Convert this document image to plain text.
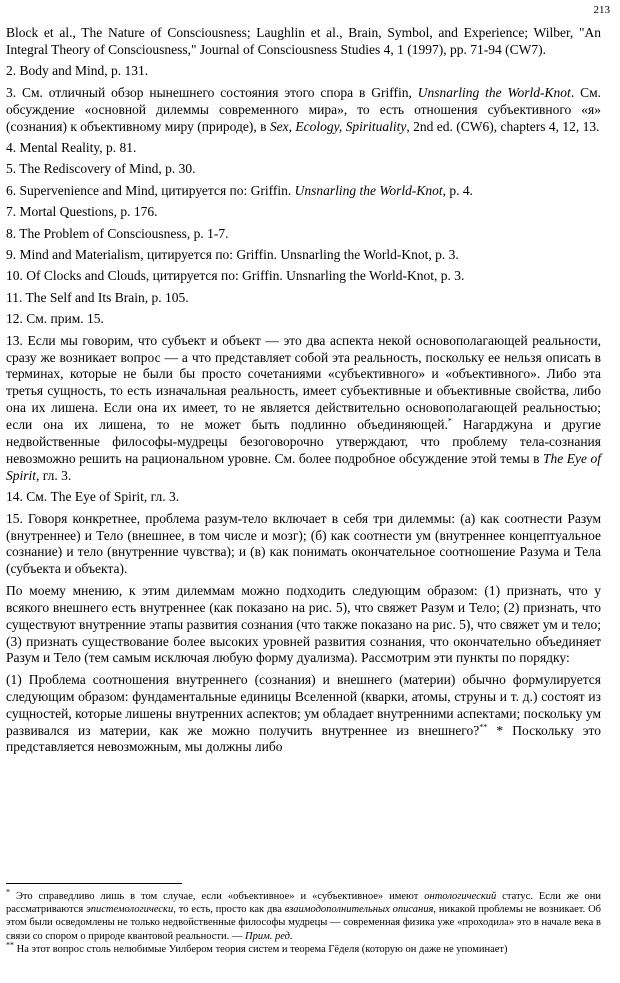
213

Block et al., The Nature of Consciousness; Laughlin et al., Brain, Symbol, and Experience; Wilber, "An Integral Theory of Consciousness," Journal of Consciousness Studies 4, 1 (1997), pp. 71-94 (CW7).

2. Body and Mind, p. 131.

3. См. отличный обзор нынешнего состояния этого спора в Griffin, Unsnarling the World-Knot. См. обсуждение «основной дилеммы современного мира», то есть отношения субъективного «я» (сознания) к объективному миру (природе), в Sex, Ecology, Spirituality, 2nd ed. (CW6), chapters 4, 12, 13.

4. Mental Reality, p. 81.

5. The Rediscovery of Mind, p. 30.

6. Supervenience and Mind, цитируется по: Griffin. Unsnarling the World-Knot, p. 4.

7. Mortal Questions, p. 176.

8. The Problem of Consciousness, p. 1-7.

9. Mind and Materialism, цитируется по: Griffin. Unsnarling the World-Knot, p. 3.

10. Of Clocks and Clouds, цитируется по: Griffin. Unsnarling the World-Knot, p. 3.

11. The Self and Its Brain, p. 105.

12. См. прим. 15.

13. Если мы говорим, что субъект и объект — это два аспекта некой основополагающей реальности, сразу же возникает вопрос — а что представляет собой эта реальность, поскольку ее нельзя описать в терминах, которые не были бы просто сочетаниями «субъективного» и «объективного». Либо эта третья сущность, то есть изначальная реальность, имеет субъективные и объективные свойства, либо она их лишена. Если она их имеет, то не является действительно основополагающей реальностью; если она их лишена, то не может быть подлинно объединяющей.* Нагарджуна и другие недвойственные философы-мудрецы безоговорочно утверждают, что проблему тела-сознания невозможно решить на рациональном уровне. См. более подробное обсуждение этой темы в The Eye of Spirit, гл. 3.

14. См. The Eye of Spirit, гл. 3.

15. Говоря конкретнее, проблема разум-тело включает в себя три дилеммы: (а) как соотнести Разум (внутреннее) и Тело (внешнее, в том числе и мозг); (б) как соотнести ум (внутреннее концептуальное сознание) и тело (внутренние чувства); и (в) как понимать окончательное соотношение Разума и Тела (субъекта и объекта).

По моему мнению, к этим дилеммам можно подходить следующим образом: (1) признать, что у всякого внешнего есть внутреннее (как показано на рис. 5), что свяжет Разум и Тело; (2) признать, что существуют внутренние этапы развития сознания (что также показано на рис. 5), что свяжет ум и тело; (3) признать существование более высоких уровней развития сознания, что окончательно объединяет Разум и Тело (тем самым исключая любую форму дуализма). Рассмотрим эти пункты по порядку:

(1) Проблема соотношения внутреннего (сознания) и внешнего (материи) обычно формулируется следующим образом: фундаментальные единицы Вселенной (кварки, атомы, струны и т. д.) состоят из сущностей, которые лишены внутренних аспектов; ум обладает внутренними аспектами; поскольку ум развивался из материи, как же можно получить внутреннее из внешнего?** * Поскольку это представляется невозможным, мы должны либо

* Это справедливо лишь в том случае, если «объективное» и «субъективное» имеют онтологический статус. Если же они рассматриваются эпистемологически, то есть, просто как два взаимодополнительных описания, никакой проблемы не возникает. Об этом были осведомлены не только недвойственные философы мудрецы — современная физика уже «проходила» это в начале века в связи со спором о природе квантовой реальности. — Прим. ред.

** На этот вопрос столь нелюбимые Уилбером теория систем и теорема Гёделя (которую он даже не упоминает)
